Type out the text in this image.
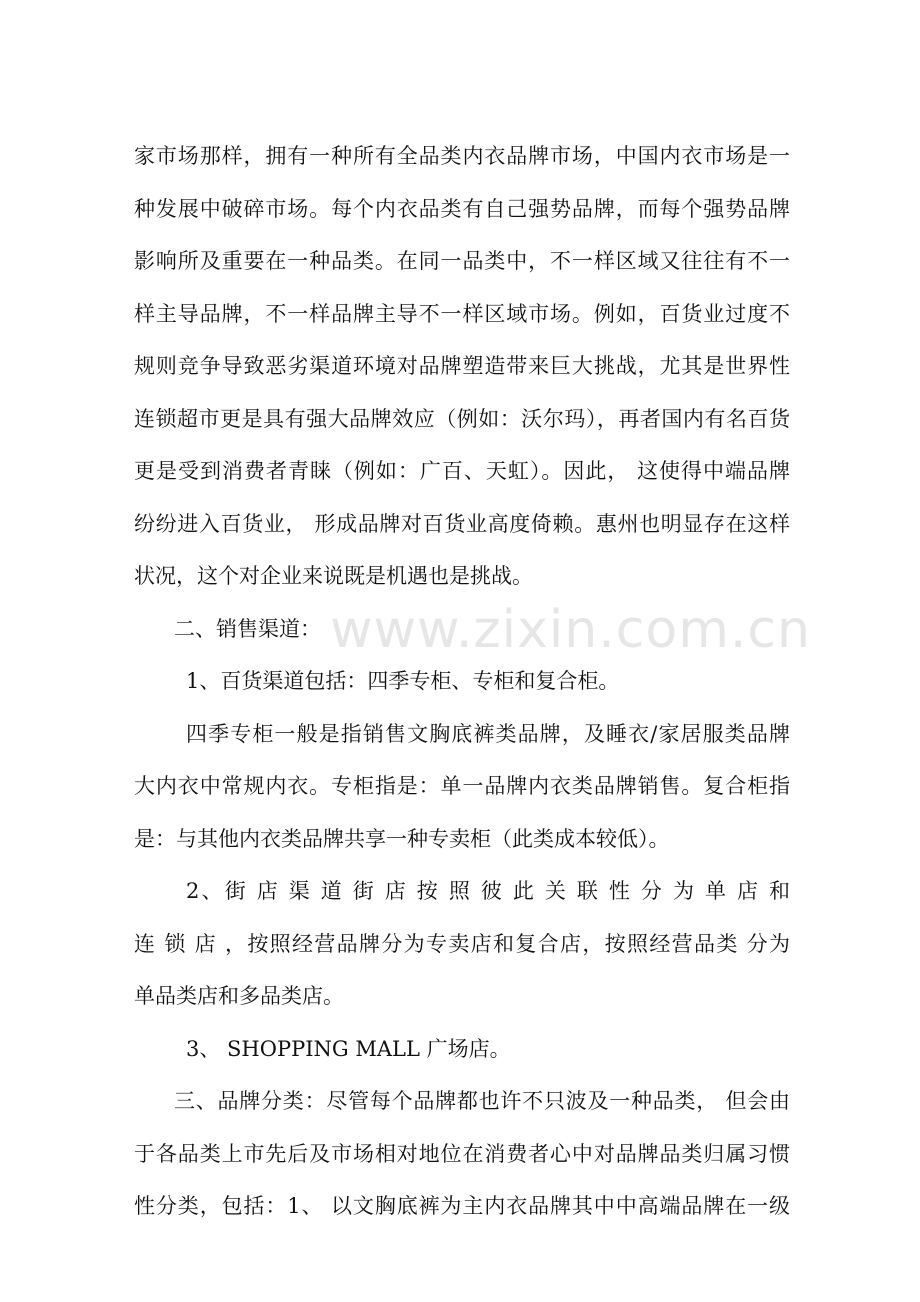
www.zixin.com.cn
家市场那样，拥有一种所有全品类内衣品牌市场，中国内衣市场是一
种发展中破碎市场。每个内衣品类有自己强势品牌，而每个强势品牌
影响所及重要在一种品类。在同一品类中，不一样区域又往往有不一
样主导品牌，不一样品牌主导不一样区域市场。例如，百货业过度不
规则竞争导致恶劣渠道环境对品牌塑造带来巨大挑战，尤其是世界性
连锁超市更是具有强大品牌效应（例如：沃尔玛），再者国内有名百货
更是受到消费者青睐（例如：广百、天虹）。因此， 这使得中端品牌
纷纷进入百货业， 形成品牌对百货业高度倚赖。惠州也明显存在这样
状况，这个对企业来说既是机遇也是挑战。
二、销售渠道：
1、百货渠道包括：四季专柜、专柜和复合柜。
四季专柜一般是指销售文胸底裤类品牌，及睡衣/家居服类品牌
大内衣中常规内衣。专柜指是：单一品牌内衣类品牌销售。复合柜指
是：与其他内衣类品牌共享一种专卖柜（此类成本较低）。
2、街 店 渠 道 街 店 按 照 彼 此 关 联 性 分 为 单 店 和
连 锁 店 ，按照经营品牌分为专卖店和复合店，按照经营品类 分为
单品类店和多品类店。
3、 SHOPPING MALL 广场店。
三、品牌分类：尽管每个品牌都也许不只波及一种品类， 但会由
于各品类上市先后及市场相对地位在消费者心中对品牌品类归属习惯
性分类，包括：1、 以文胸底裤为主内衣品牌其中中高端品牌在一级
